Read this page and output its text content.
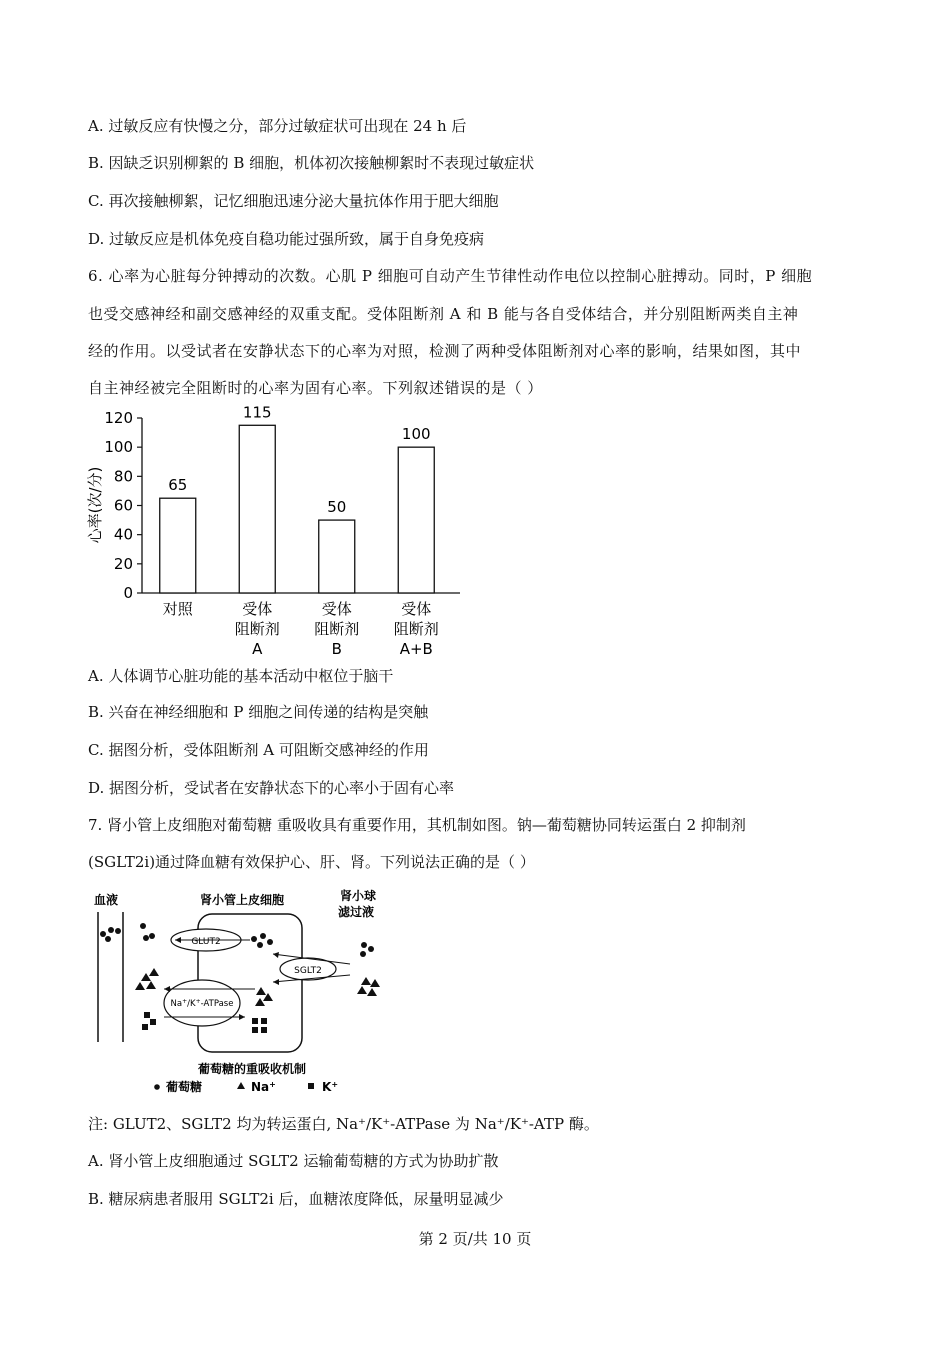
A. 过敏反应有快慢之分，部分过敏症状可出现在 24 h 后
B. 因缺乏识别柳絮的 B 细胞，机体初次接触柳絮时不表现过敏症状
C. 再次接触柳絮，记忆细胞迅速分泌大量抗体作用于肥大细胞
D. 过敏反应是机体免疫自稳功能过强所致，属于自身免疫病
6. 心率为心脏每分钟搏动的次数。心肌 P 细胞可自动产生节律性动作电位以控制心脏搏动。同时，P 细胞
也受交感神经和副交感神经的双重支配。受体阻断剂 A 和 B 能与各自受体结合，并分别阻断两类自主神
经的作用。以受试者在安静状态下的心率为对照，检测了两种受体阻断剂对心率的影响，结果如图，其中
自主神经被完全阻断时的心率为固有心率。下列叙述错误的是（ ）
心率(次/分)
0
20
40
60
80
100
120
65
115
50
100
对照	受体
阻断剂
A
受体
阻断剂
B
受体
阻断剂
A+B
A. 人体调节心脏功能的基本活动中枢位于脑干
B. 兴奋在神经细胞和 P 细胞之间传递的结构是突触
C. 据图分析，受体阻断剂 A 可阻断交感神经的作用
D. 据图分析，受试者在安静状态下的心率小于固有心率
7. 肾小管上皮细胞对葡萄糖 重吸收具有重要作用，其机制如图。钠—葡萄糖协同转运蛋白 2 抑制剂
(SGLT2i)通过降血糖有效保护心、肝、肾。下列说法正确的是（ ）
血液	肾小管上皮细胞	肾小球
滤过液
GLUT2
SGLT2
Na+/K+-ATPase
葡萄糖的重吸收机制
葡萄糖	Na+	K+
注: GLUT2、SGLT2 均为转运蛋白, Na⁺/K⁺-ATPase 为 Na⁺/K⁺-ATP 酶。
A. 肾小管上皮细胞通过 SGLT2 运输葡萄糖的方式为协助扩散
B. 糖尿病患者服用 SGLT2i 后，血糖浓度降低，尿量明显减少
第 2 页/共 10 页
